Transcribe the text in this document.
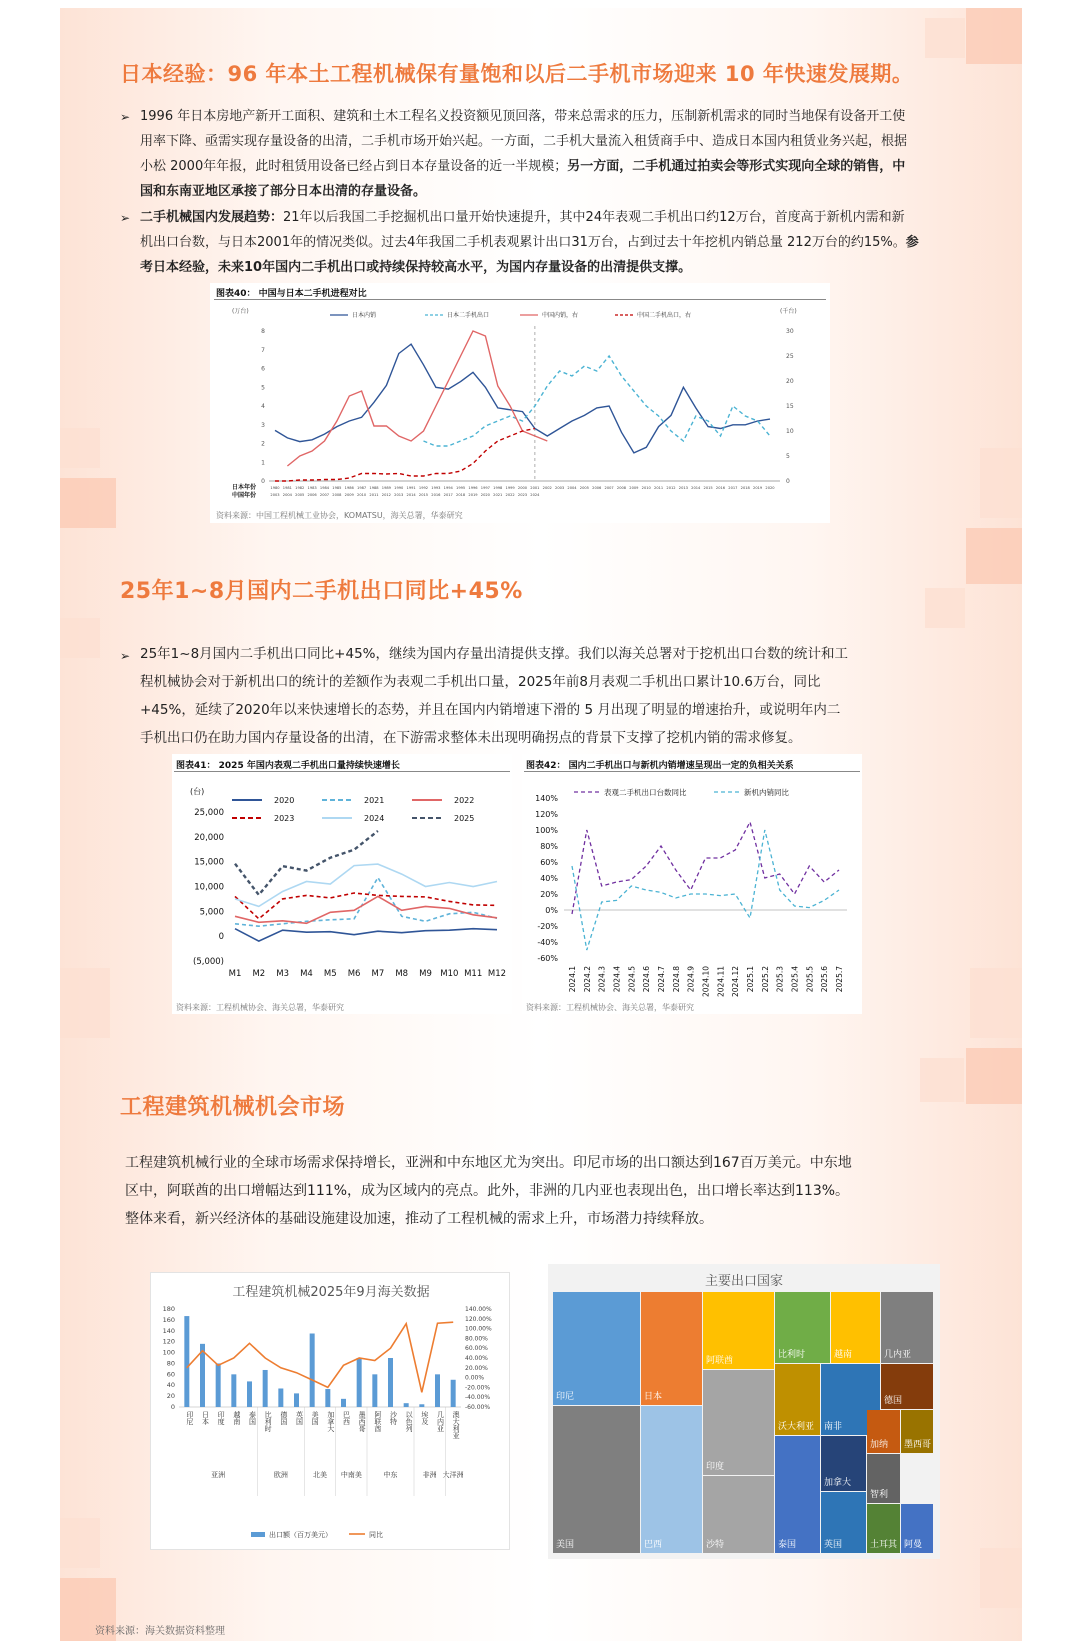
日本经验：96 年本土工程机械保有量饱和以后二手机市场迎来 10 年快速发展期。
➢ 1996 年日本房地产新开工面积、建筑和土木工程名义投资额见顶回落，带来总需求的压力，压制新机需求的同时当地保有设备开工使
用率下降、亟需实现存量设备的出清，二手机市场开始兴起。一方面，二手机大量流入租赁商手中、造成日本国内租赁业务兴起，根据
小松 2000年年报，此时租赁用设备已经占到日本存量设备的近一半规模；另一方面，二手机通过拍卖会等形式实现向全球的销售，中
国和东南亚地区承接了部分日本出清的存量设备。
➢ 二手机械国内发展趋势：21年以后我国二手挖掘机出口量开始快速提升，其中24年表观二手机出口约12万台，首度高于新机内需和新
机出口台数，与日本2001年的情况类似。过去4年我国二手机表观累计出口31万台，占到过去十年挖机内销总量 212万台的约15%。参
考日本经验，未来10年国内二手机出口或持续保持较高水平，为国内存量设备的出清提供支撑。
图表40： 中国与日本二手机进程对比
(万台)	(千台)
0
1
2
3
4
5
6
7
8
0
5
10
15
20
25
30
日本内销	日本二手机出口	中国内销，右	中国二手机出口，右
1980 1981 1982 1983 1984 1985 1986 1987 1988 1989 1990 1991 1992 1993 1994 1995 1996 1997 1998 1999 2000 2001 2002 2003 2004 2005 2006 2007 2008 2009 2010 2011 2012 2013 2014 2015 2016 2017 2018 2019 2020
2003 2004 2005 2006 2007 2008 2009 2010 2011 2012 2013 2014 2015 2016 2017 2018 2019 2020 2021 2022 2023 2024
日本年份
中国年份
资料来源：中国工程机械工业协会，KOMATSU，海关总署，华泰研究
25年1~8月国内二手机出口同比+45%
➢ 25年1~8月国内二手机出口同比+45%，继续为国内存量出清提供支撑。我们以海关总署对于挖机出口台数的统计和工
程机械协会对于新机出口的统计的差额作为表观二手机出口量，2025年前8月表观二手机出口累计10.6万台，同比
+45%，延续了2020年以来快速增长的态势，并且在国内内销增速下滑的 5 月出现了明显的增速抬升，或说明年内二
手机出口仍在助力国内存量设备的出清，在下游需求整体未出现明确拐点的背景下支撑了挖机内销的需求修复。
图表41： 2025 年国内表观二手机出口量持续快速增长
(台)
(5,000)
0
5,000
10,000
15,000
20,000
25,000
M1 M2 M3 M4 M5 M6 M7 M8 M9 M10 M11 M12
2020	2021	2022
2023	2024	2025
资料来源：工程机械协会、海关总署，华泰研究
图表42： 国内二手机出口与新机内销增速呈现出一定的负相关关系
-60%
-40%
-20%
0%
20%
40%
60%
80%
100%
120%
140%
2024.1 2024.2 2024.3 2024.4 2024.5 2024.6 2024.7 2024.8 2024.9 2024.10 2024.11 2024.12 2025.1 2025.2 2025.3 2025.4 2025.5 2025.6 2025.7
表观二手机出口台数同比	新机内销同比
资料来源：工程机械协会、海关总署，华泰研究
工程建筑机械机会市场
工程建筑机械行业的全球市场需求保持增长，亚洲和中东地区尤为突出。印尼市场的出口额达到167百万美元。中东地
区中，阿联酋的出口增幅达到111%，成为区域内的亮点。此外，非洲的几内亚也表现出色，出口增长率达到113%。
整体来看，新兴经济体的基础设施建设加速，推动了工程机械的需求上升，市场潜力持续释放。
工程建筑机械2025年9月海关数据
0
20
40
60
80
100
120
140
160
180
-60.00%
-40.00%
-20.00%
0.00%
20.00%
40.00%
60.00%
80.00%
100.00%
120.00%
140.00%
印尼 日本 印度 越南 泰国 比利时 德国 英国 美国 加拿大 巴西 墨西哥 阿联酋 沙特 以色列 埃及 几内亚 澳大利亚
亚洲	欧洲	北美 中南美	中东	非洲 大洋洲
出口额（百万美元）	同比
主要出口国家
印尼
美国
日本
巴西
阿联酋
印度
沙特
比利时
泰国
沃大利亚
越南
南非
加拿大
英国
几内亚
德国
加纳 墨西哥
智利
土耳其 阿曼
资料来源：海关数据资料整理
